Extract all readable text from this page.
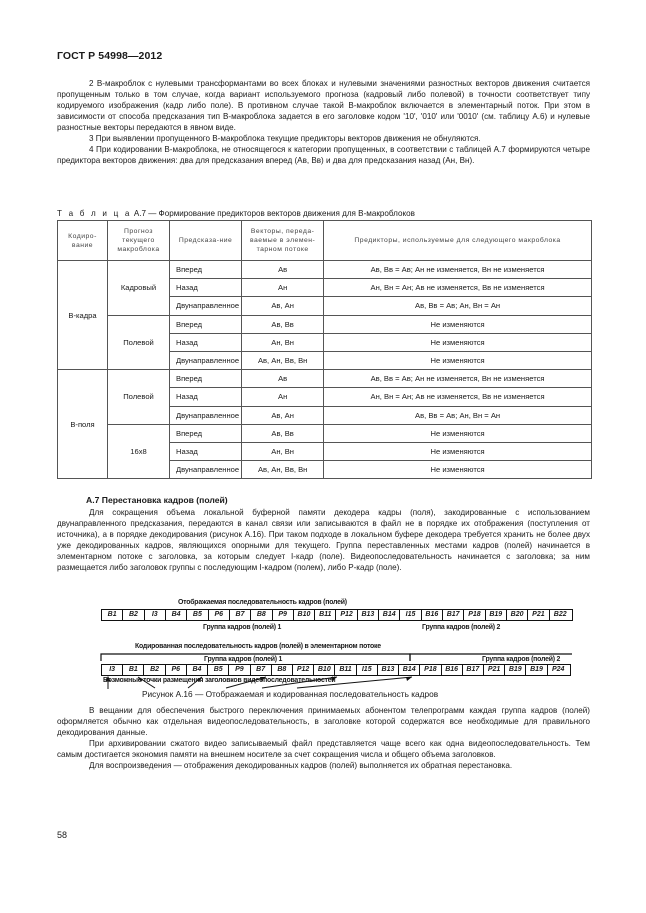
ГОСТ Р 54998—2012

2 B-макроблок с нулевыми трансформантами во всех блоках и нулевыми значениями разностных векторов движения считается пропущенным только в том случае, когда вариант используемого прогноза (кадровый либо полевой) в точности соответствует типу кодируемого изображения (кадр либо поле). В противном случае такой B-макроблок включается в элементарный поток. При этом в зависимости от способа предсказания тип B-макроблока задается в его заголовке кодом '10', '010' или '0010' (см. таблицу А.6) и нулевые разностные векторы передаются в явном виде.

3 При выявлении пропущенного B-макроблока текущие предикторы векторов движения не обнуляются.

4 При кодировании B-макроблока, не относящегося к категории пропущенных, в соответствии с таблицей А.7 формируются четыре предиктора векторов движения: два для предсказания вперед (Ав, Вв) и два для предсказания назад (Ан, Вн).

Т а б л и ц а А.7 — Формирование предикторов векторов движения для B-макроблоков
Кодиро-вание	Прогноз текущего макроблока	Предсказа-ние	Векторы, переда-ваемые в элемен-тарном потоке	Предикторы, используемые для следующего макроблока
B-кадра	Кадровый	Вперед	Ав	Ав, Вв = Ав; Ан не изменяется, Вн не изменяется
		Назад	Ан	Ан, Вн = Ан; Ав не изменяется, Вв не изменяется
		Двунаправленное	Ав, Ан	Ав, Вв = Ав; Ан, Вн = Ан
	Полевой	Вперед	Ав, Вв	Не изменяются
		Назад	Ан, Вн	Не изменяются
		Двунаправленное	Ав, Ан, Вв, Вн	Не изменяются
B-поля	Полевой	Вперед	Ав	Ав, Вв = Ав; Ан не изменяется, Вн не изменяется
		Назад	Ан	Ан, Вн = Ан; Ав не изменяется, Вв не изменяется
		Двунаправленное	Ав, Ан	Ав, Вв = Ав; Ан, Вн = Ан
	16х8	Вперед	Ав, Вв	Не изменяются
		Назад	Ан, Вн	Не изменяются
		Двунаправленное	Ав, Ан, Вв, Вн	Не изменяются
А.7 Перестановка кадров (полей)

Для сокращения объема локальной буферной памяти декодера кадры (поля), закодированные с использованием двунаправленного предсказания, передаются в канал связи или записываются в файл не в порядке их отображения (поступления от источника), а в порядке декодирования (рисунок А.16). При таком подходе в локальном буфере декодера требуется хранить не более двух уже декодированных кадров, являющихся опорными для текущего. Группа переставленных местами кадров (полей) начинается в элементарном потоке с заголовка, за которым следует I-кадр (поле). Видеопоследовательность начинается с заголовка; за ним размещается либо заголовок группы с последующим I-кадром (полем), либо P-кадр (поле).

Отображаемая последовательность кадров (полей)
B1	B2	I3	B4	B5	P6	B7	B8	P9	B10	B11	P12	B13	B14	I15	B16	B17	P18	B19	B20	P21	B22
Группа кадров (полей) 1	Группа кадров (полей) 2
Кодированная последовательность кадров (полей) в элементарном потоке
Группа кадров (полей) 1	Группа кадров (полей) 2
I3	B1	B2	P6	B4	B5	P9	B7	B8	P12	B10	B11	I15	B13	B14	P18	B16	B17	P21	B19	B19	P24
Возможные точки размещения заголовков видеопоследовательностей
Рисунок А.16 — Отображаемая и кодированная последовательность кадров

В вещании для обеспечения быстрого переключения принимаемых абонентом телепрограмм каждая группа кадров (полей) оформляется обычно как отдельная видеопоследовательность, в заголовке которой содержатся все необходимые для правильного декодирования данные.

При архивировании сжатого видео записываемый файл представляется чаще всего как одна видеопоследовательность. Тем самым достигается экономия памяти на внешнем носителе за счет сокращения числа и общего объема заголовков.

Для воспроизведения — отображения декодированных кадров (полей) выполняется их обратная перестановка.

58
